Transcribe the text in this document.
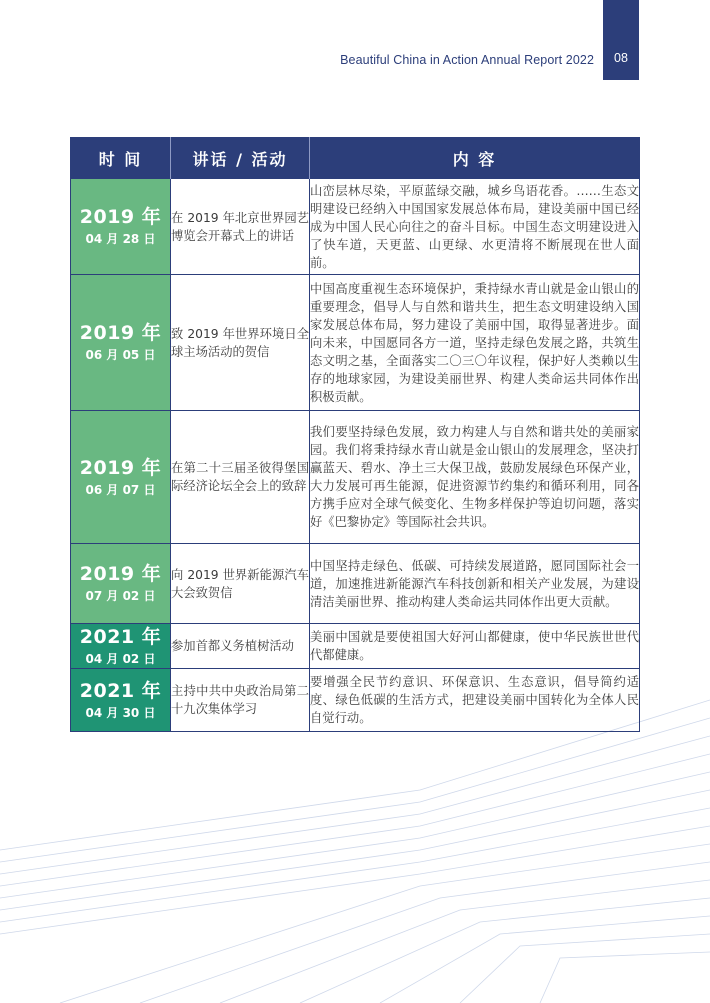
Beautiful China in Action Annual Report 2022 08
时 间	讲话 / 活动	内 容

2019 年
04 月 28 日	在 2019 年北京世界园艺博览会开幕式上的讲话	山峦层林尽染，平原蓝绿交融，城乡鸟语花香。……生态文明建设已经纳入中国国家发展总体布局，建设美丽中国已经成为中国人民心向往之的奋斗目标。中国生态文明建设进入了快车道，天更蓝、山更绿、水更清将不断展现在世人面前。

2019 年
06 月 05 日	致 2019 年世界环境日全球主场活动的贺信	中国高度重视生态环境保护，秉持绿水青山就是金山银山的重要理念，倡导人与自然和谐共生，把生态文明建设纳入国家发展总体布局，努力建设了美丽中国，取得显著进步。面向未来，中国愿同各方一道，坚持走绿色发展之路，共筑生态文明之基，全面落实二〇三〇年议程，保护好人类赖以生存的地球家园，为建设美丽世界、构建人类命运共同体作出积极贡献。

2019 年
06 月 07 日	在第二十三届圣彼得堡国际经济论坛全会上的致辞	我们要坚持绿色发展，致力构建人与自然和谐共处的美丽家园。我们将秉持绿水青山就是金山银山的发展理念，坚决打赢蓝天、碧水、净土三大保卫战，鼓励发展绿色环保产业，大力发展可再生能源，促进资源节约集约和循环利用，同各方携手应对全球气候变化、生物多样保护等迫切问题，落实好《巴黎协定》等国际社会共识。

2019 年
07 月 02 日	向 2019 世界新能源汽车大会致贺信	中国坚持走绿色、低碳、可持续发展道路，愿同国际社会一道，加速推进新能源汽车科技创新和相关产业发展，为建设清洁美丽世界、推动构建人类命运共同体作出更大贡献。

2021 年
04 月 02 日	参加首都义务植树活动	美丽中国就是要使祖国大好河山都健康，使中华民族世世代代都健康。

2021 年
04 月 30 日	主持中共中央政治局第二十九次集体学习	要增强全民节约意识、环保意识、生态意识，倡导简约适度、绿色低碳的生活方式，把建设美丽中国转化为全体人民自觉行动。
